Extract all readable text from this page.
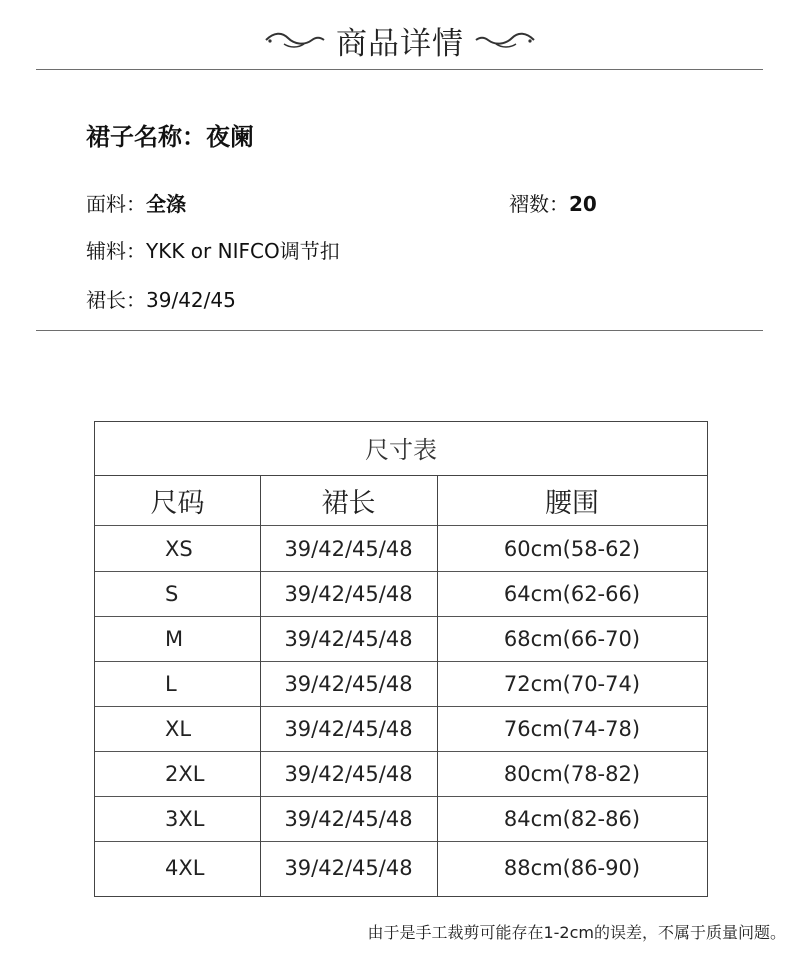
商品详情
裙子名称：夜阑
面料：全涤	褶数：20
辅料：YKK or NIFCO调节扣
裙长：39/42/45
尺寸表
尺码	裙长	腰围
XS	39/42/45/48	60cm(58-62)
S	39/42/45/48	64cm(62-66)
M	39/42/45/48	68cm(66-70)
L	39/42/45/48	72cm(70-74)
XL	39/42/45/48	76cm(74-78)
2XL	39/42/45/48	80cm(78-82)
3XL	39/42/45/48	84cm(82-86)
4XL	39/42/45/48	88cm(86-90)
由于是手工裁剪可能存在1-2cm的误差，不属于质量问题。
